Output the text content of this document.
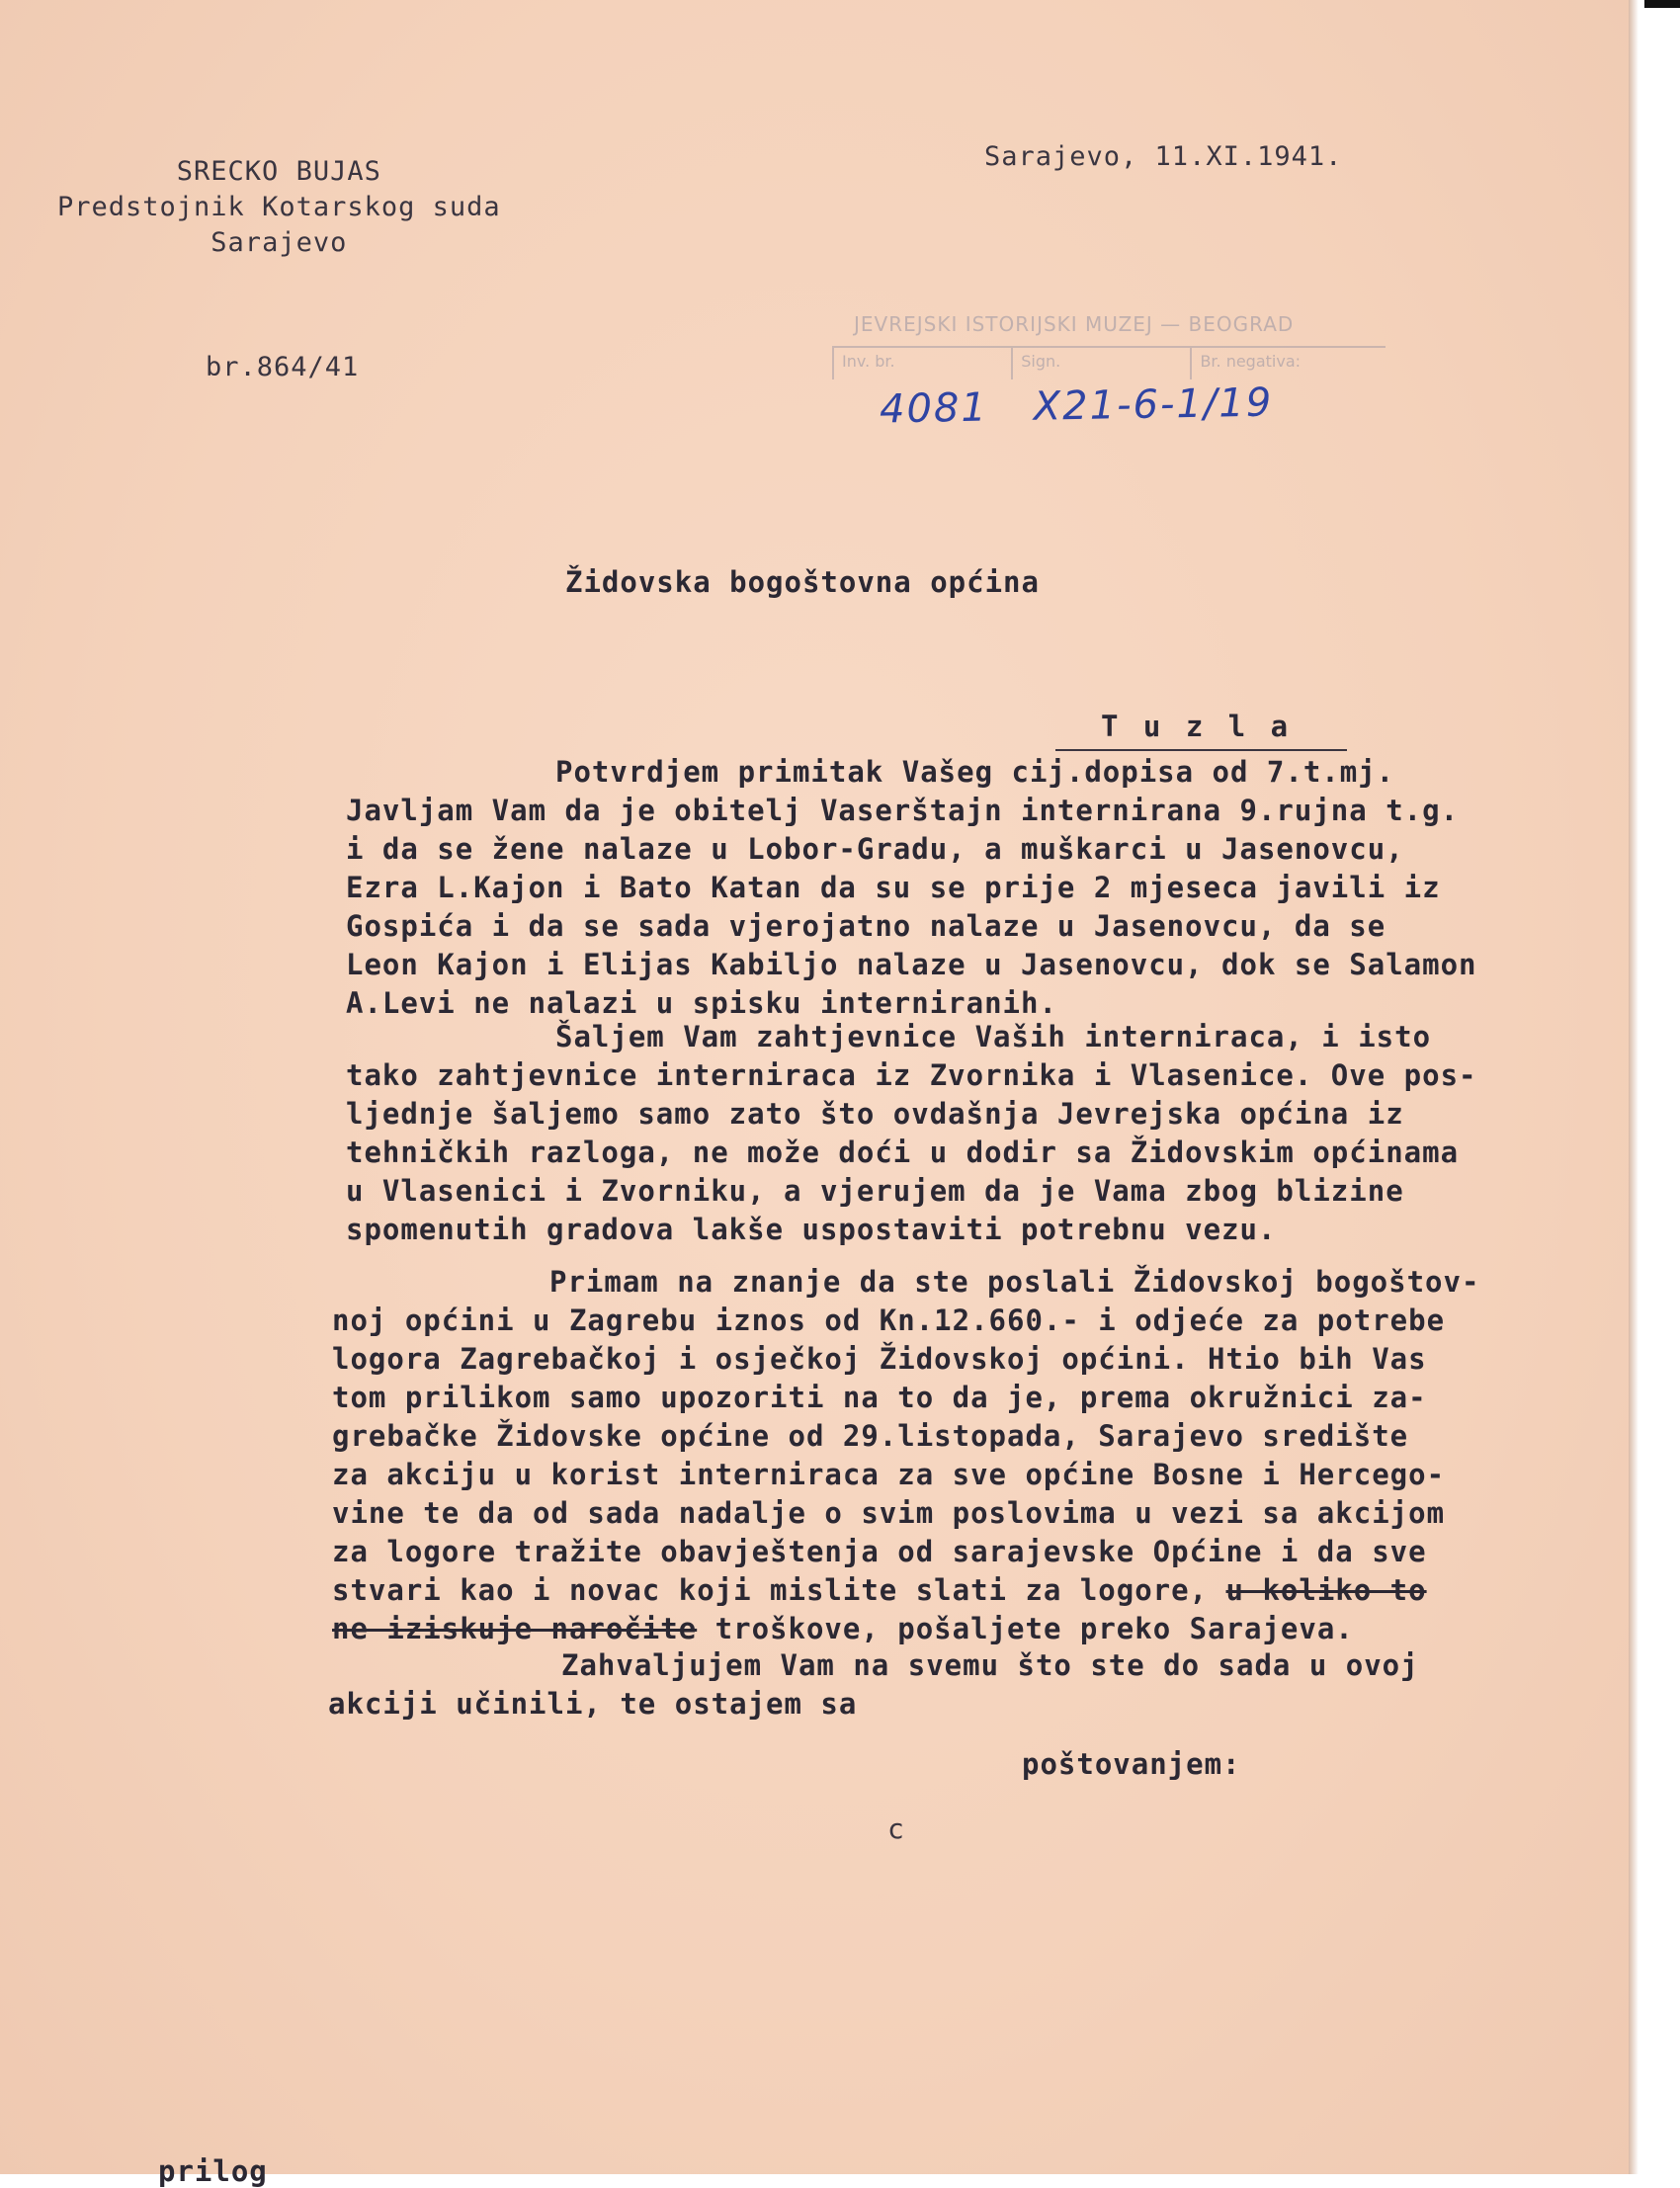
SRECKO BUJAS
Predstojnik Kotarskog suda
Sarajevo
Sarajevo, 11.XI.1941.
br.864/41
JEVREJSKI ISTORIJSKI MUZEJ — BEOGRAD
Inv. br.	Sign.	Br. negativa:
4081 X21-6-1/19
Židovska bogoštovna općina
T u z l a
Potvrdjem primitak Vašeg cij.dopisa od 7.t.mj.
Javljam Vam da je obitelj Vaserštajn internirana 9.rujna t.g.
i da se žene nalaze u Lobor-Gradu, a muškarci u Jasenovcu,
Ezra L.Kajon i Bato Katan da su se prije 2 mjeseca javili iz
Gospića i da se sada vjerojatno nalaze u Jasenovcu, da se
Leon Kajon i Elijas Kabiljo nalaze u Jasenovcu, dok se Salamon
A.Levi ne nalazi u spisku interniranih.
Šaljem Vam zahtjevnice Vaših internirаca, i isto
tako zahtjevnice interniraca iz Zvornika i Vlasenice. Ove pos-
ljednje šaljemo samo zato što ovdašnja Jevrejska općina iz
tehničkih razloga, ne može doći u dodir sa Židovskim općinama
u Vlasenici i Zvorniku, a vjerujem da je Vama zbog blizine
spomenutih gradova lakše uspostaviti potrebnu vezu.
Primam na znanje da ste poslali Židovskoj bogoštov-
noj općini u Zagrebu iznos od Kn.12.660.- i odjeće za potrebe
logora Zagrebačkoj i osječkoj Židovskoj općini. Htio bih Vas
tom prilikom samo upozoriti na to da je, prema okružnici za-
grebačke Židovske općine od 29.listopada, Sarajevo središte
za akciju u korist interniraca za sve općine Bosne i Hercego-
vine te da od sada nadalje o svim poslovima u vezi sa akcijom
za logore tražite obavještenja od sarajevske Općine i da sve
stvari kao i novac koji mislite slati za logore, u koliko to
ne iziskuje naročite troškove, pošaljete preko Sarajeva.
Zahvaljujem Vam na svemu što ste do sada u ovoj
akciji učinili, te ostajem sa
poštovanjem:
c
prilog
